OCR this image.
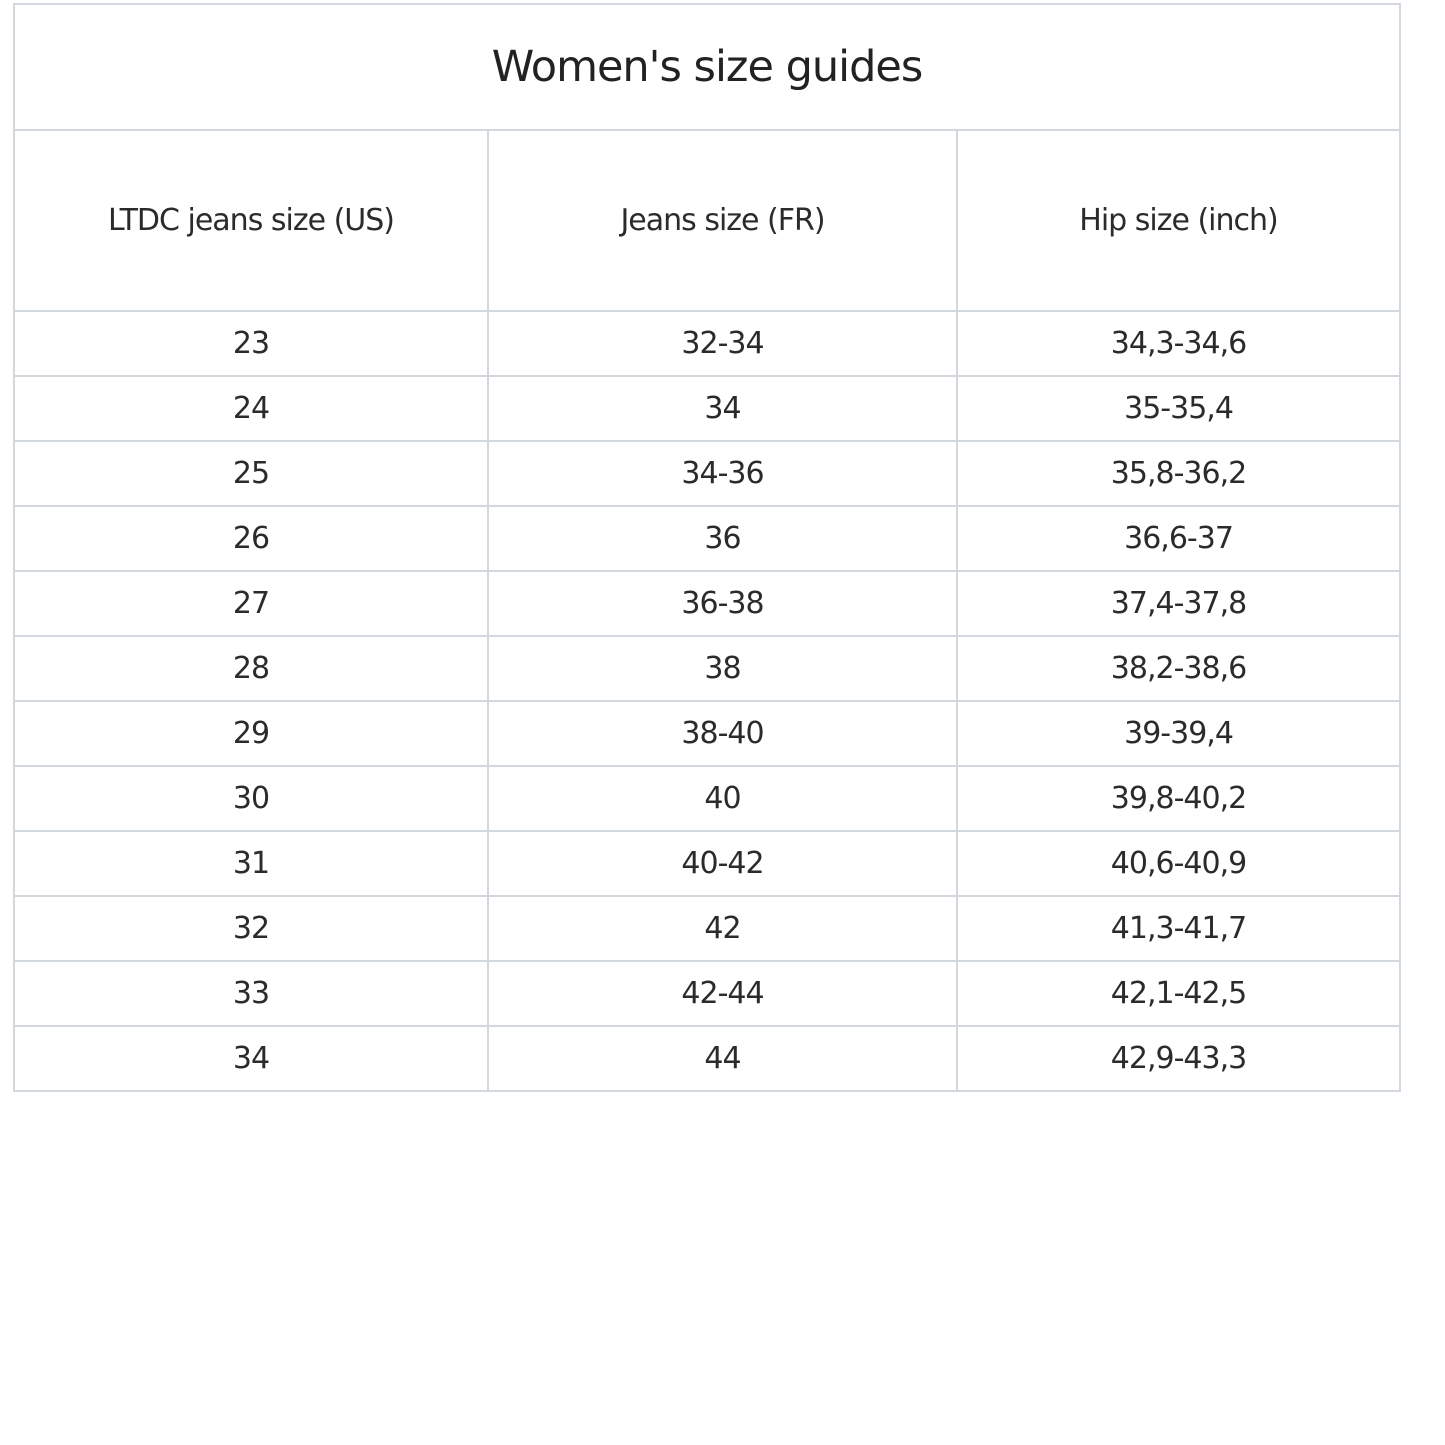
Women's size guides		
LTDC jeans size (US)	Jeans size (FR)	Hip size (inch)
23	32-34	34,3-34,6
24	34	35-35,4
25	34-36	35,8-36,2
26	36	36,6-37
27	36-38	37,4-37,8
28	38	38,2-38,6
29	38-40	39-39,4
30	40	39,8-40,2
31	40-42	40,6-40,9
32	42	41,3-41,7
33	42-44	42,1-42,5
34	44	42,9-43,3
